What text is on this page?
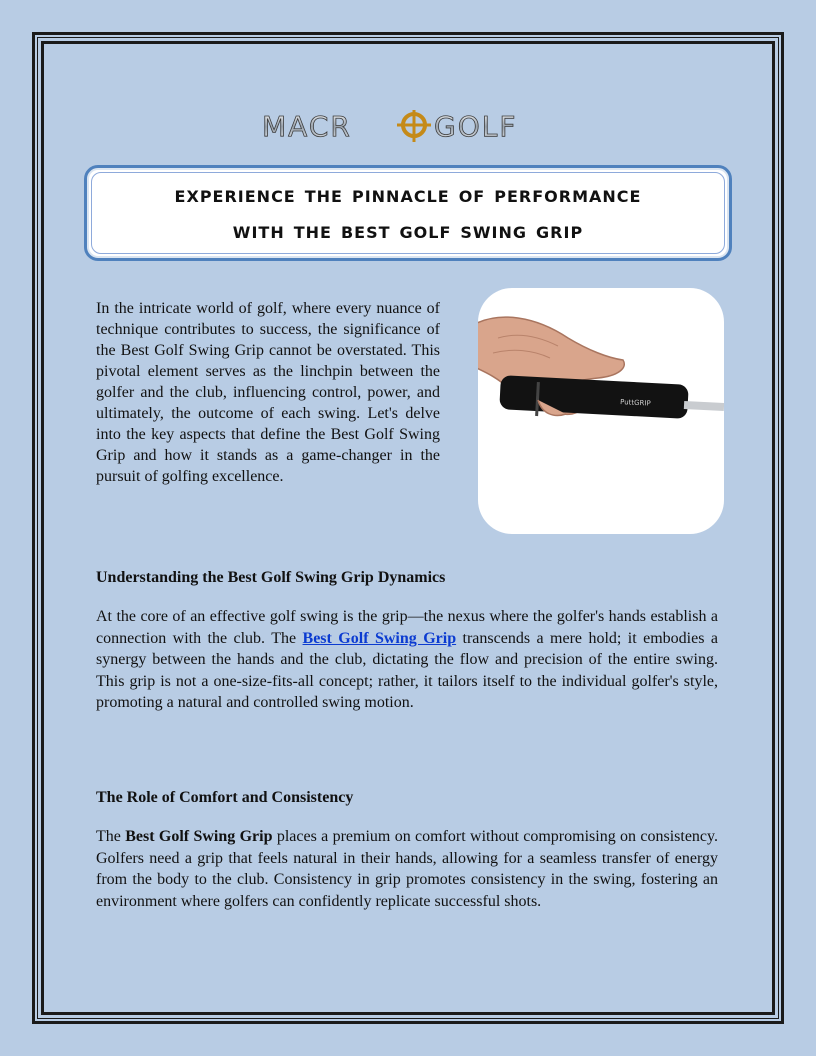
MACR	GOLF
experience the pinnacle of performance
with the best golf swing grip

In the intricate world of golf, where every nuance of technique contributes to success, the significance of the Best Golf Swing Grip cannot be overstated. This pivotal element serves as the linchpin between the golfer and the club, influencing control, power, and ultimately, the outcome of each swing. Let's delve into the key aspects that define the Best Golf Swing Grip and how it stands as a game-changer in the pursuit of golfing excellence.

PuttGRIP
Understanding the Best Golf Swing Grip Dynamics

At the core of an effective golf swing is the grip—the nexus where the golfer's hands establish a connection with the club. The Best Golf Swing Grip transcends a mere hold; it embodies a synergy between the hands and the club, dictating the flow and precision of the entire swing. This grip is not a one-size-fits-all concept; rather, it tailors itself to the individual golfer's style, promoting a natural and controlled swing motion.

The Role of Comfort and Consistency

The Best Golf Swing Grip places a premium on comfort without compromising on consistency. Golfers need a grip that feels natural in their hands, allowing for a seamless transfer of energy from the body to the club. Consistency in grip promotes consistency in the swing, fostering an environment where golfers can confidently replicate successful shots.
